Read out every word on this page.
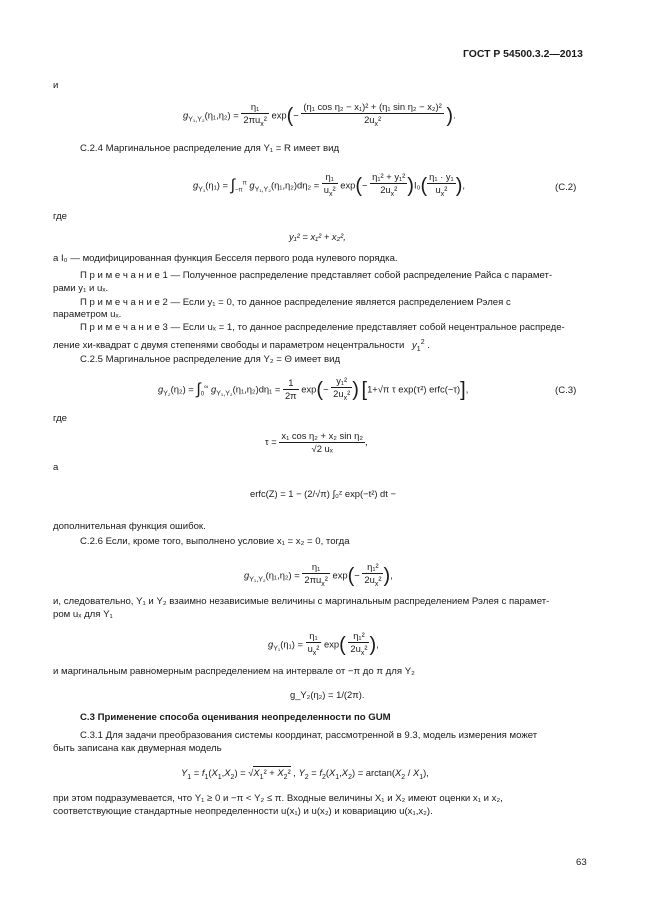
ГОСТ Р 54500.3.2—2013
и
$g_{Y_1,Y_2}(\eta_1,\eta_2) = \frac{\text{η₁}}{2\pi u_x^2} \exp(- \frac{\text{(η₁ cos η₂ − x₁)² + (η₁ sin η₂ − x₂)²}}{2u_x^2}$ ).
С.2.4 Маргинальное распределение для Y₁ = R имеет вид
$g_{Y_1}(\eta_1) = \int_{-\pi}^\pi$ $g_{Y_1,Y_2}(\eta_1,\eta_2)d\eta_2 = \frac{\text{η₁}}{u_x^2} \exp(- \frac{\text{η₁² + y₁²}}{2u_x^2} )I_0( \frac{\text{η₁ · y₁}}{u_x^2}$ ),	(С.2)
где
y₁² = x₁² + x₂²,
а I₀ — модифицированная функция Бесселя первого рода нулевого порядка.
П р и м е ч а н и е 1 — Полученное распределение представляет собой распределение Райса с парамет-
рами y₁ и uₓ.
П р и м е ч а н и е 2 — Если y₁ = 0, то данное распределение является распределением Рэлея с
параметром uₓ.
П р и м е ч а н и е 3 — Если uₓ = 1, то данное распределение представляет собой нецентральное распреде-
ление хи-квадрат с двумя степенями свободы и параметром нецентральности $y_1^2$ .
С.2.5 Маргинальное распределение для Y₂ = Θ имеет вид
$g_{Y_2}(\eta_2) = \int_0^\infty$ $g_{Y_1,Y_2}(\eta_1,\eta_2)d\eta_1 = \frac{1}{2\pi} \exp(- \frac{\text{y₁²}}{2u_x^2}$ ) [1+√π τ exp(τ²) erfc(−τ)],	(С.3)
где
$\tau = \frac{\text{x₁ cos η₂ + x₂ sin η₂}}{\text{√2 uₓ}}$ ,
а
erfc(Z) = 1 − (2/√π) ∫₀ᶻ exp(−t²) dt −
дополнительная функция ошибок.
С.2.6 Если, кроме того, выполнено условие x₁ = x₂ = 0, тогда
$g_{Y_1,Y_2}(\eta_1,\eta_2) = \frac{\text{η₁}}{2\pi u_x^2} \exp(- \frac{\text{η₁²}}{2u_x^2}$ ),
и, следовательно, Y₁ и Y₂ взаимно независимые величины с маргинальным распределением Рэлея с парамет-
ром uₓ для Y₁
$g_{Y_1}(\eta_1) = \frac{\text{η₁}}{u_x^2} \exp( \frac{\text{η₁²}}{2u_x^2}$ ),
и маргинальным равномерным распределением на интервале от −π до π для Y₂
g_Y₂(η₂) = 1/(2π).
С.3 Применение способа оценивания неопределенности по GUM
С.3.1 Для задачи преобразования системы координат, рассмотренной в 9.3, модель измерения может
быть записана как двумерная модель
$Y_1 = f_1(X_1,X_2) = √X_1^2 + X_2^2$ , $Y_2 = f_2(X_1,X_2) = \arctan(X_2 / X_1)$,
при этом подразумевается, что Y₁ ≥ 0 и −π < Y₂ ≤ π. Входные величины X₁ и X₂ имеют оценки x₁ и x₂,
соответствующие стандартные неопределенности u(x₁) и u(x₂) и ковариацию u(x₁,x₂).
63
